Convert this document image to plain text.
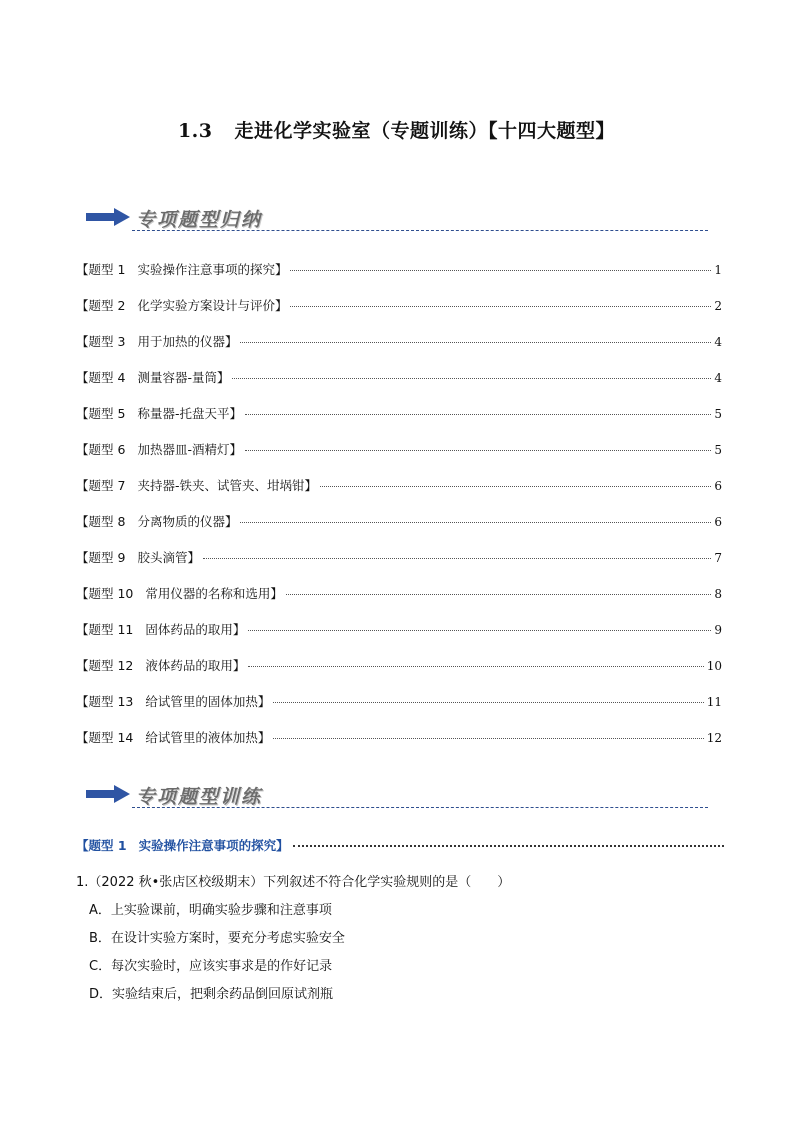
1.3 走进化学实验室（专题训练）【十四大题型】
专项题型归纳
【题型 1 实验操作注意事项的探究】	1
【题型 2 化学实验方案设计与评价】	2
【题型 3 用于加热的仪器】	4
【题型 4 测量容器-量筒】	4
【题型 5 称量器-托盘天平】	5
【题型 6 加热器皿-酒精灯】	5
【题型 7 夹持器-铁夹、试管夹、坩埚钳】	6
【题型 8 分离物质的仪器】	6
【题型 9 胶头滴管】	7
【题型 10 常用仪器的名称和选用】	8
【题型 11 固体药品的取用】	9
【题型 12 液体药品的取用】	10
【题型 13 给试管里的固体加热】	11
【题型 14 给试管里的液体加热】	12
专项题型训练
【题型 1 实验操作注意事项的探究】
1.（2022 秋•张店区校级期末）下列叙述不符合化学实验规则的是（　　）
A．上实验课前，明确实验步骤和注意事项
B．在设计实验方案时，要充分考虑实验安全
C．每次实验时，应该实事求是的作好记录
D．实验结束后，把剩余药品倒回原试剂瓶
